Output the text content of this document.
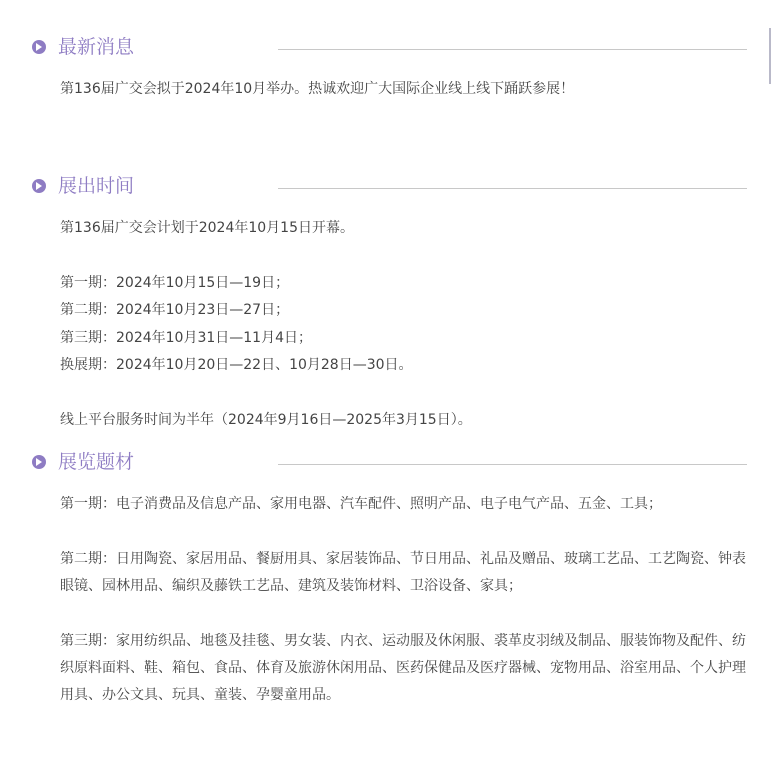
最新消息
第136届广交会拟于2024年10月举办。热诚欢迎广大国际企业线上线下踊跃参展！
展出时间
第136届广交会计划于2024年10月15日开幕。
第一期：2024年10月15日—19日；
第二期：2024年10月23日—27日；
第三期：2024年10月31日—11月4日；
换展期：2024年10月20日—22日、10月28日—30日。
线上平台服务时间为半年（2024年9月16日—2025年3月15日）。
展览题材
第一期：电子消费品及信息产品、家用电器、汽车配件、照明产品、电子电气产品、五金、工具；
第二期：日用陶瓷、家居用品、餐厨用具、家居装饰品、节日用品、礼品及赠品、玻璃工艺品、工艺陶瓷、钟表眼镜、园林用品、编织及藤铁工艺品、建筑及装饰材料、卫浴设备、家具；
第三期：家用纺织品、地毯及挂毯、男女装、内衣、运动服及休闲服、裘革皮羽绒及制品、服装饰物及配件、纺织原料面料、鞋、箱包、食品、体育及旅游休闲用品、医药保健品及医疗器械、宠物用品、浴室用品、个人护理用具、办公文具、玩具、童装、孕婴童用品。
